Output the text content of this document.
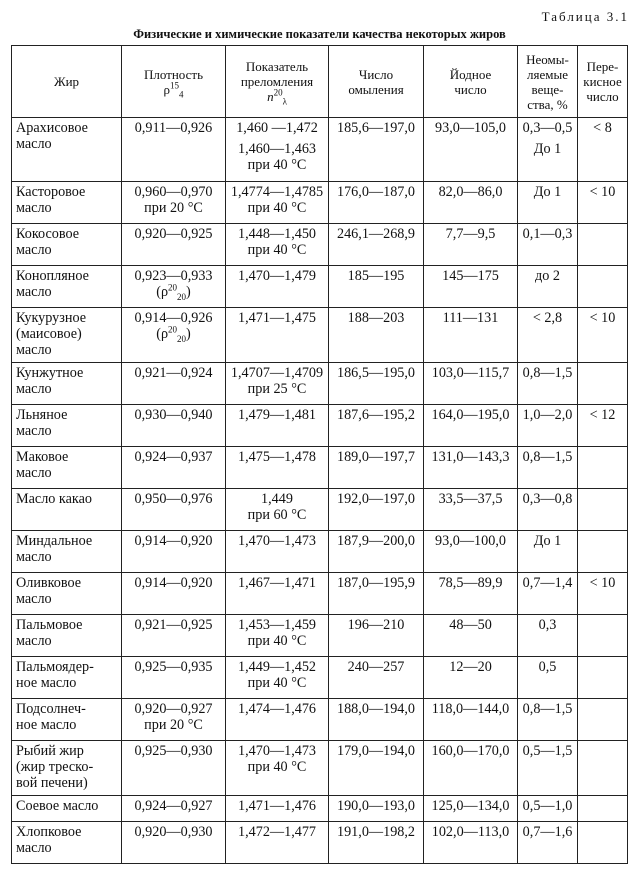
Таблица 3.1
Физические и химические показатели качества некоторых жиров
Жир	Плотность
$\rho^{15}_4$	Показатель
преломления
$n^{20}_\lambda$	Число
омыления	Йодное
число	Неомы-
ляемые
веще-
ства, %	Пере-
кисное
число

Арахисовое
масло	0,911—0,926	1,460 —1,472
1,460—1,463
при 40 °C	185,6—197,0	93,0—105,0	0,3—0,5
До 1	< 8

Касторовое
масло	0,960—0,970
при 20 °C	1,4774—1,4785
при 40 °C	176,0—187,0	82,0—86,0	До 1	< 10

Кокосовое
масло	0,920—0,925	1,448—1,450
при 40 °C	246,1—268,9	7,7—9,5	0,1—0,3	

Конопляное
масло	0,923—0,933
$(\rho^{20}_{20})$	1,470—1,479	185—195	145—175	до 2	

Кукурузное
(маисовое)
масло	0,914—0,926
$(\rho^{20}_{20})$	1,471—1,475	188—203	111—131	< 2,8	< 10

Кунжутное
масло	0,921—0,924	1,4707—1,4709
при 25 °C	186,5—195,0	103,0—115,7	0,8—1,5	

Льняное
масло	0,930—0,940	1,479—1,481	187,6—195,2	164,0—195,0	1,0—2,0	< 12

Маковое
масло	0,924—0,937	1,475—1,478	189,0—197,7	131,0—143,3	0,8—1,5	

Масло какао	0,950—0,976	1,449
при 60 °C	192,0—197,0	33,5—37,5	0,3—0,8	

Миндальное
масло	0,914—0,920	1,470—1,473	187,9—200,0	93,0—100,0	До 1	

Оливковое
масло	0,914—0,920	1,467—1,471	187,0—195,9	78,5—89,9	0,7—1,4	< 10

Пальмовое
масло	0,921—0,925	1,453—1,459
при 40 °C	196—210	48—50	0,3	

Пальмоядер-
ное масло	0,925—0,935	1,449—1,452
при 40 °C	240—257	12—20	0,5	

Подсолнеч-
ное масло	0,920—0,927
при 20 °C	1,474—1,476	188,0—194,0	118,0—144,0	0,8—1,5	

Рыбий жир
(жир треско-
вой печени)	0,925—0,930	1,470—1,473
при 40 °C	179,0—194,0	160,0—170,0	0,5—1,5	

Соевое масло	0,924—0,927	1,471—1,476	190,0—193,0	125,0—134,0	0,5—1,0	

Хлопковое
масло	0,920—0,930	1,472—1,477	191,0—198,2	102,0—113,0	0,7—1,6	
